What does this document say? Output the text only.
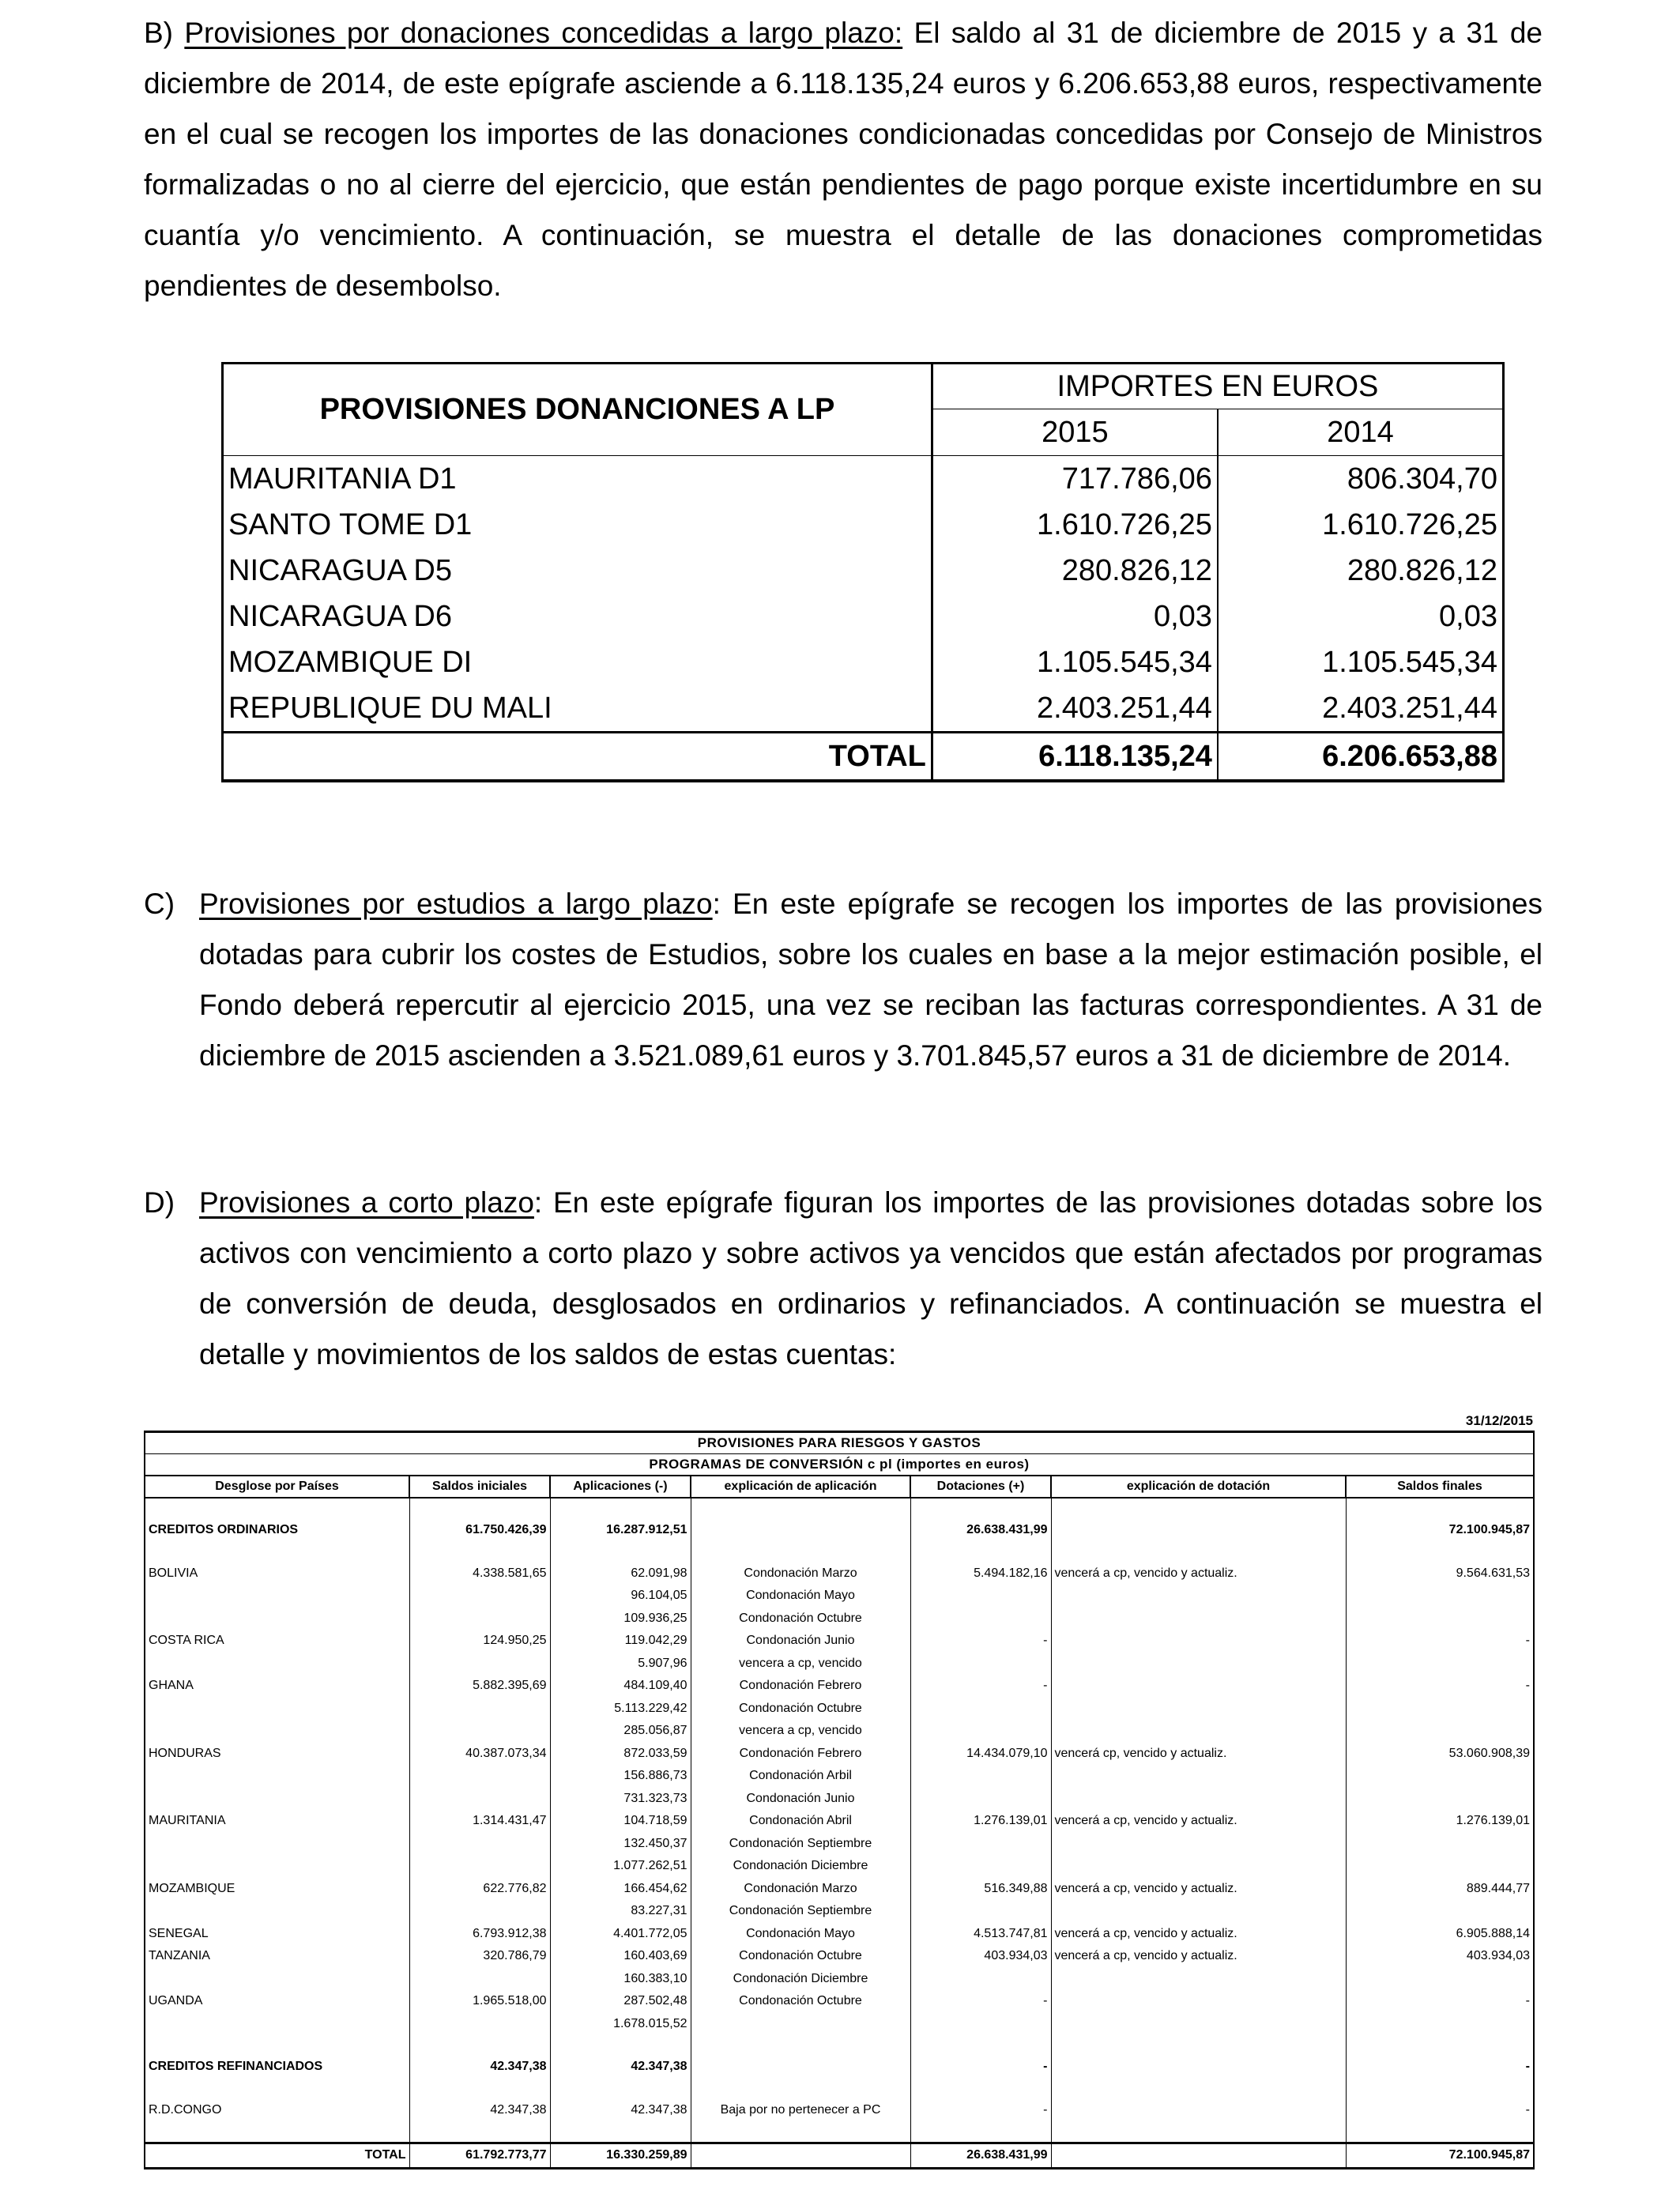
B) Provisiones por donaciones concedidas a largo plazo: El saldo al 31 de diciembre de 2015 y a 31 de diciembre de 2014, de este epígrafe asciende a 6.118.135,24 euros y 6.206.653,88 euros, respectivamente en el cual se recogen los importes de las donaciones condicionadas concedidas por Consejo de Ministros formalizadas o no al cierre del ejercicio, que están pendientes de pago porque existe incertidumbre en su cuantía y/o vencimiento. A continuación, se muestra el detalle de las donaciones comprometidas pendientes de desembolso.
PROVISIONES DONANCIONES A LP	IMPORTES EN EUROS	
	2015	2014
MAURITANIA D1	717.786,06	806.304,70
SANTO TOME D1	1.610.726,25	1.610.726,25
NICARAGUA D5	280.826,12	280.826,12
NICARAGUA D6	0,03	0,03
MOZAMBIQUE DI	1.105.545,34	1.105.545,34
REPUBLIQUE DU MALI	2.403.251,44	2.403.251,44
TOTAL	6.118.135,24	6.206.653,88
C) Provisiones por estudios a largo plazo: En este epígrafe se recogen los importes de las provisiones dotadas para cubrir los costes de Estudios, sobre los cuales en base a la mejor estimación posible, el Fondo deberá repercutir al ejercicio 2015, una vez se reciban las facturas correspondientes. A 31 de diciembre de 2015 ascienden a 3.521.089,61 euros y 3.701.845,57 euros a 31 de diciembre de 2014.
D) Provisiones a corto plazo: En este epígrafe figuran los importes de las provisiones dotadas sobre los activos con vencimiento a corto plazo y sobre activos ya vencidos que están afectados por programas de conversión de deuda, desglosados en ordinarios y refinanciados. A continuación se muestra el detalle y movimientos de los saldos de estas cuentas:
31/12/2015
PROVISIONES PARA RIESGOS Y GASTOS						
PROGRAMAS DE CONVERSIÓN c pl (importes en euros)						
Desglose por Países	Saldos iniciales	Aplicaciones (-)	explicación de aplicación	Dotaciones (+)	explicación de dotación	Saldos finales

CREDITOS ORDINARIOS	61.750.426,39	16.287.912,51		26.638.431,99		72.100.945,87

BOLIVIA	4.338.581,65	62.091,98	Condonación Marzo	5.494.182,16	vencerá a cp, vencido y actualiz.	9.564.631,53
		96.104,05	Condonación Mayo			
		109.936,25	Condonación Octubre			
COSTA RICA	124.950,25	119.042,29	Condonación Junio	-		-
		5.907,96	vencera a cp, vencido			
GHANA	5.882.395,69	484.109,40	Condonación Febrero	-		-
		5.113.229,42	Condonación Octubre			
		285.056,87	vencera a cp, vencido			
HONDURAS	40.387.073,34	872.033,59	Condonación Febrero	14.434.079,10	vencerá cp, vencido y actualiz.	53.060.908,39
		156.886,73	Condonación Arbil			
		731.323,73	Condonación Junio			
MAURITANIA	1.314.431,47	104.718,59	Condonación Abril	1.276.139,01	vencerá a cp, vencido y actualiz.	1.276.139,01
		132.450,37	Condonación Septiembre			
		1.077.262,51	Condonación Diciembre			
MOZAMBIQUE	622.776,82	166.454,62	Condonación Marzo	516.349,88	vencerá a cp, vencido y actualiz.	889.444,77
		83.227,31	Condonación Septiembre			
SENEGAL	6.793.912,38	4.401.772,05	Condonación Mayo	4.513.747,81	vencerá a cp, vencido y actualiz.	6.905.888,14
TANZANIA	320.786,79	160.403,69	Condonación Octubre	403.934,03	vencerá a cp, vencido y actualiz.	403.934,03
		160.383,10	Condonación Diciembre			
UGANDA	1.965.518,00	287.502,48	Condonación Octubre	-		-
		1.678.015,52				

CREDITOS REFINANCIADOS	42.347,38	42.347,38		-		-

R.D.CONGO	42.347,38	42.347,38	Baja por no pertenecer a PC	-		-

TOTAL	61.792.773,77	16.330.259,89		26.638.431,99		72.100.945,87
